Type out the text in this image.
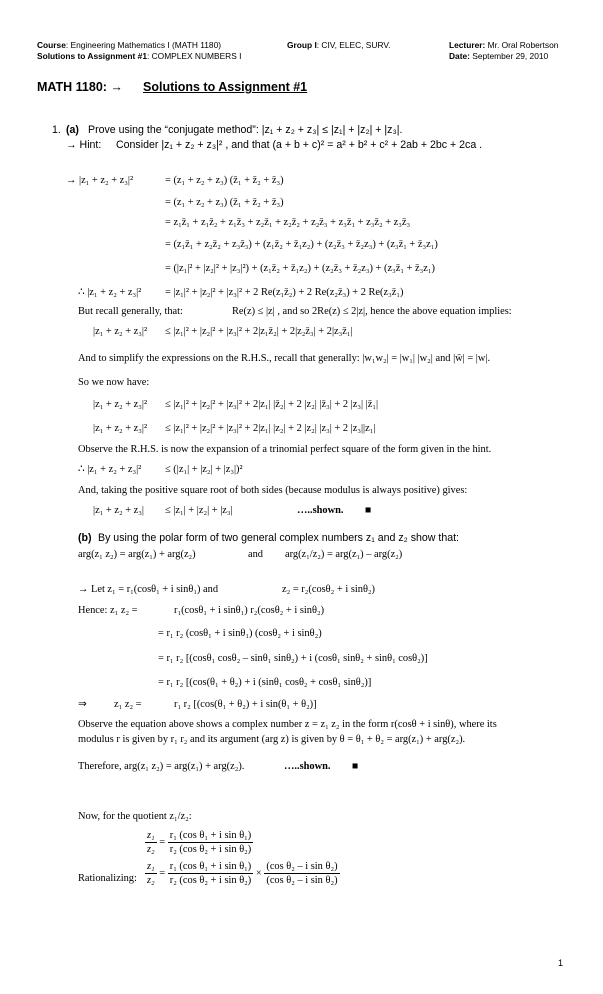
Course: Engineering Mathematics I (MATH 1180)
Solutions to Assignment #1: COMPLEX NUMBERS I
Group I: CIV, ELEC, SURV.	Lecturer: Mr. Oral Robertson
Date: September 29, 2010
MATH 1180: → Solutions to Assignment #1
1. (a) Prove using the “conjugate method”: |z₁ + z₂ + z₃| ≤ |z₁| + |z₂| + |z₃|.
→ Hint: Consider |z₁ + z₂ + z₃|² , and that (a + b + c)² = a² + b² + c² + 2ab + 2bc + 2ca .
→ |z₁ + z₂ + z₃|²	= (z₁ + z₂ + z₃) (z̄₁ + z̄₂ + z̄₃)
= (z₁ + z₂ + z₃) (z̄₁ + z̄₂ + z̄₃)
= z₁z̄₁ + z₁z̄₂ + z₁z̄₃ + z₂z̄₁ + z₂z̄₂ + z₂z̄₃ + z₃z̄₁ + z₃z̄₂ + z₃z̄₃
= (z₁z̄₁ + z₂z̄₂ + z₃z̄₃) + (z₁z̄₂ + z̄₁z₂) + (z₂z̄₃ + z̄₂z₃) + (z₃z̄₁ + z̄₃z₁)
= (|z₁|² + |z₂|² + |z₃|²) + (z₁z̄₂ + z̄₁z₂) + (z₂z̄₃ + z̄₂z₃) + (z₃z̄₁ + z̄₃z₁)
∴ |z₁ + z₂ + z₃|² = |z₁|² + |z₂|² + |z₃|² + 2 Re(z₁z̄₂) + 2 Re(z₂z̄₃) + 2 Re(z₃z̄₁)
But recall generally, that:	Re(z) ≤ |z| , and so 2Re(z) ≤ 2|z|, hence the above equation implies:
|z₁ + z₂ + z₃|² ≤ |z₁|² + |z₂|² + |z₃|² + 2|z₁z̄₂| + 2|z₂z̄₃| + 2|z₃z̄₁|
And to simplify the expressions on the R.H.S., recall that generally: |w₁w₂| = |w₁| |w₂| and |w̄| = |w|.
So we now have:
|z₁ + z₂ + z₃|² ≤ |z₁|² + |z₂|² + |z₃|² + 2|z₁| |z̄₂| + 2 |z₂| |z̄₃| + 2 |z₃| |z̄₁|
|z₁ + z₂ + z₃|² ≤ |z₁|² + |z₂|² + |z₃|² + 2|z₁| |z₂| + 2 |z₂| |z₃| + 2 |z₃||z₁|
Observe the R.H.S. is now the expansion of a trinomial perfect square of the form given in the hint.
∴ |z₁ + z₂ + z₃|² ≤ (|z₁| + |z₂| + |z₃|)²
And, taking the positive square root of both sides (because modulus is always positive) gives:
|z₁ + z₂ + z₃| ≤ |z₁| + |z₂| + |z₃|	…..shown. ■
(b) By using the polar form of two general complex numbers z₁ and z₂ show that:
arg(z₁ z₂) = arg(z₁) + arg(z₂)	and arg(z₁/z₂) = arg(z₁) – arg(z₂)
→ Let z₁ = r₁(cosθ₁ + i sinθ₁) and	z₂ = r₂(cosθ₂ + i sinθ₂)
Hence: z₁ z₂ =	r₁(cosθ₁ + i sinθ₁) r₂(cosθ₂ + i sinθ₂)
= r₁ r₂ (cosθ₁ + i sinθ₁) (cosθ₂ + i sinθ₂)
= r₁ r₂ [(cosθ₁ cosθ₂ – sinθ₁ sinθ₂) + i (cosθ₁ sinθ₂ + sinθ₁ cosθ₂)]
= r₁ r₂ [(cos(θ₁ + θ₂) + i (sinθ₁ cosθ₂ + cosθ₁ sinθ₂)]
⇒	z₁ z₂ =	r₁ r₂ [(cos(θ₁ + θ₂) + i sin(θ₁ + θ₂)]
Observe the equation above shows a complex number z = z₁ z₂ in the form r(cosθ + i sinθ), where its
modulus r is given by r₁ r₂ and its argument (arg z) is given by θ = θ₁ + θ₂ = arg(z₁) + arg(z₂).
Therefore, arg(z₁ z₂) = arg(z₁) + arg(z₂).	…..shown. ■
Now, for the quotient z₁/z₂:
$\frac{\text{z₁}}{\text{z₂}} = \frac{\text{r₁ (cos θ₁ + i sin θ₁)}}{\text{r₂ (cos θ₂ + i sin θ₂)}}$
Rationalizing: $\frac{\text{z₁}}{\text{z₂}} = \frac{\text{r₁ (cos θ₁ + i sin θ₁)}}{\text{r₂ (cos θ₂ + i sin θ₂)}} \times \frac{\text{(cos θ₂ – i sin θ₂)}}{\text{(cos θ₂ – i sin θ₂)}}$
1
